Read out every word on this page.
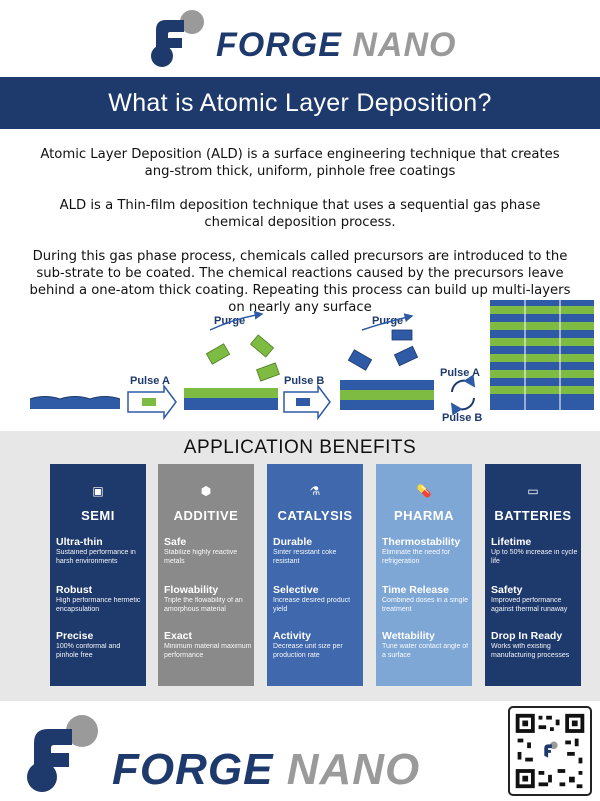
FORGE NANO
What is Atomic Layer Deposition?

Atomic Layer Deposition (ALD) is a surface engineering technique that creates ang-strom thick, uniform, pinhole free coatings

ALD is a Thin-film deposition technique that uses a sequential gas phase chemical deposition process.

During this gas phase process, chemicals called precursors are introduced to the sub-strate to be coated. The chemical reactions caused by the precursors leave behind a one-atom thick coating. Repeating this process can build up multi-layers on nearly any surface

Pulse A
Purge
Pulse B
Purge
Pulse A
Pulse B
APPLICATION BENEFITS
▣
SEMI
Ultra-thin
Sustained performance in harsh environments
Robust
High performance hermetic encapsulation
Precise
100% conformal and pinhole free
⬢
ADDITIVE
Safe
Stabilize highly reactive metals
Flowability
Triple the flowability of an amorphous material
Exact
Minimum material maximum performance
⚗
CATALYSIS
Durable
Sinter resistant coke resistant
Selective
Increase desired product yield
Activity
Decrease unit size per production rate
💊
PHARMA
Thermostability
Eliminate the need for refrigeration
Time Release
Combined doses in a single treatment
Wettability
Tune water contact angle of a surface
▭
BATTERIES
Lifetime
Up to 50% increase in cycle life
Safety
Improved performance against thermal runaway
Drop In Ready
Works with existing manufacturing processes
FORGE NANO
